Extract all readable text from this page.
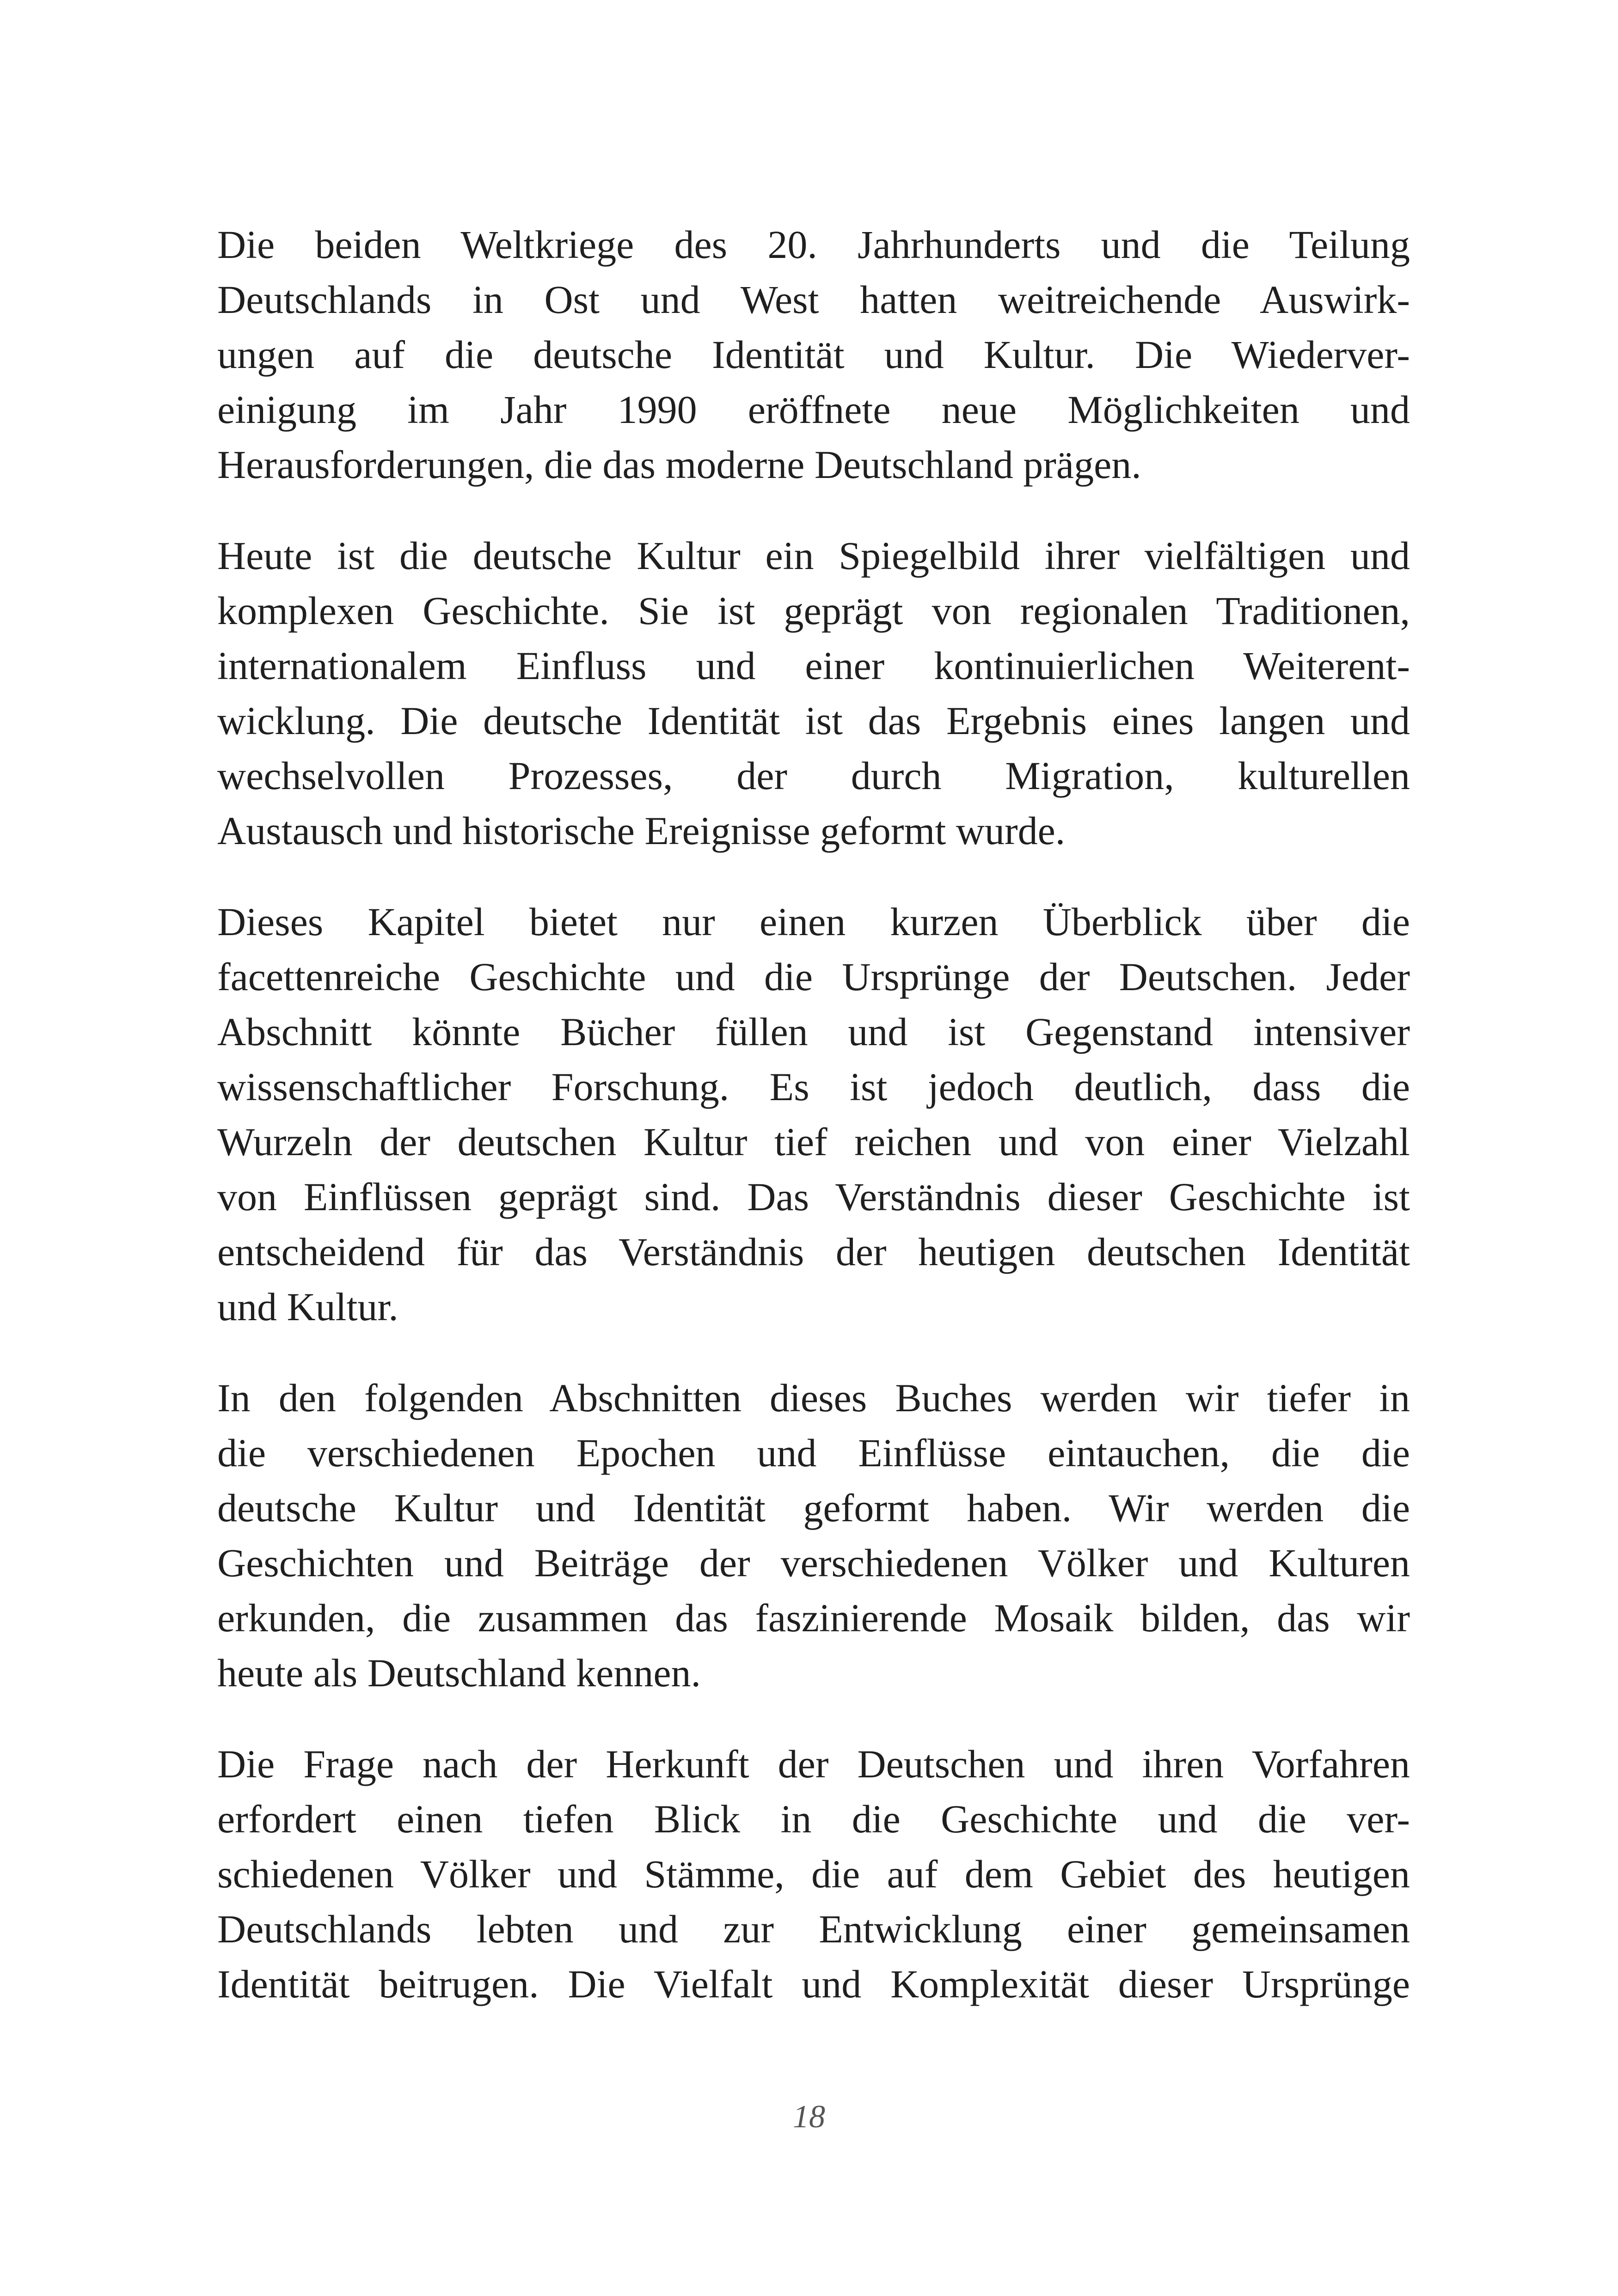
Die beiden Weltkriege des 20. Jahrhunderts und die Teilung
Deutschlands in Ost und West hatten weitreichende Auswirk-
ungen auf die deutsche Identität und Kultur. Die Wiederver-
einigung im Jahr 1990 eröffnete neue Möglichkeiten und
Herausforderungen, die das moderne Deutschland prägen.

Heute ist die deutsche Kultur ein Spiegelbild ihrer vielfältigen und
komplexen Geschichte. Sie ist geprägt von regionalen Traditionen,
internationalem Einfluss und einer kontinuierlichen Weiterent-
wicklung. Die deutsche Identität ist das Ergebnis eines langen und
wechselvollen Prozesses, der durch Migration, kulturellen
Austausch und historische Ereignisse geformt wurde.

Dieses Kapitel bietet nur einen kurzen Überblick über die
facettenreiche Geschichte und die Ursprünge der Deutschen. Jeder
Abschnitt könnte Bücher füllen und ist Gegenstand intensiver
wissenschaftlicher Forschung. Es ist jedoch deutlich, dass die
Wurzeln der deutschen Kultur tief reichen und von einer Vielzahl
von Einflüssen geprägt sind. Das Verständnis dieser Geschichte ist
entscheidend für das Verständnis der heutigen deutschen Identität
und Kultur.

In den folgenden Abschnitten dieses Buches werden wir tiefer in
die verschiedenen Epochen und Einflüsse eintauchen, die die
deutsche Kultur und Identität geformt haben. Wir werden die
Geschichten und Beiträge der verschiedenen Völker und Kulturen
erkunden, die zusammen das faszinierende Mosaik bilden, das wir
heute als Deutschland kennen.

Die Frage nach der Herkunft der Deutschen und ihren Vorfahren
erfordert einen tiefen Blick in die Geschichte und die ver-
schiedenen Völker und Stämme, die auf dem Gebiet des heutigen
Deutschlands lebten und zur Entwicklung einer gemeinsamen
Identität beitrugen. Die Vielfalt und Komplexität dieser Ursprünge

18
